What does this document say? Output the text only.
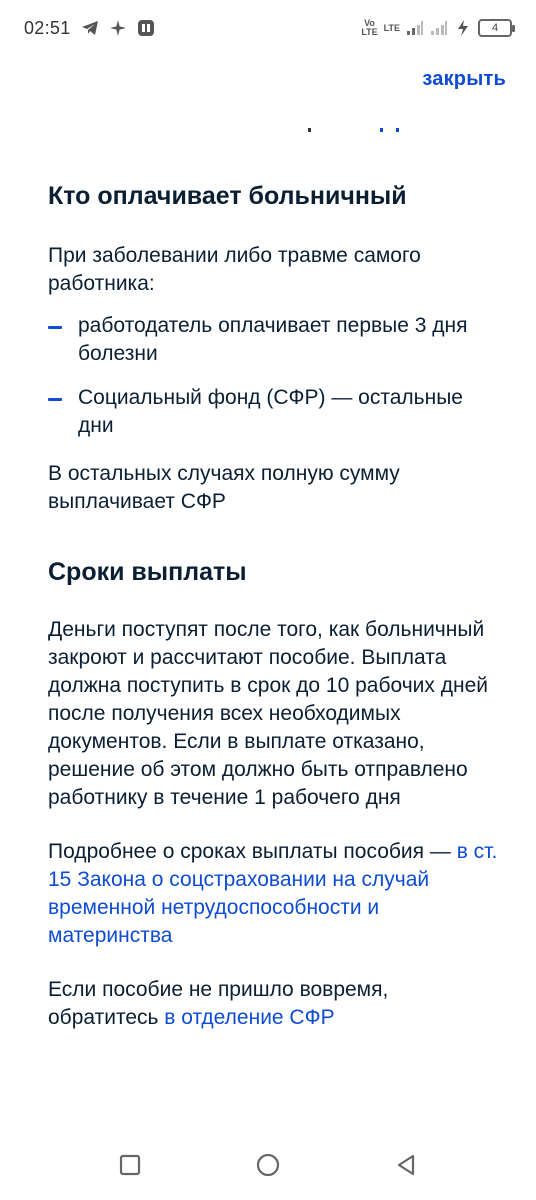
02:51	Vo
LTE LTE	4
закрыть
Кто оплачивает больничный

При заболевании либо травме самого работника:

работодатель оплачивает первые 3 дня болезни
Социальный фонд (СФР) — остальные дни

В остальных случаях полную сумму выплачивает СФР

Сроки выплаты

Деньги поступят после того, как больничный закроют и рассчитают пособие. Выплата должна поступить в срок до 10 рабочих дней после получения всех необходимых документов. Если в выплате отказано, решение об этом должно быть отправлено работнику в течение 1 рабочего дня

Подробнее о сроках выплаты пособия — в ст. 15 Закона о соцстраховании на случай временной нетрудоспособности и материнства

Если пособие не пришло вовремя, обратитесь в отделение СФР
